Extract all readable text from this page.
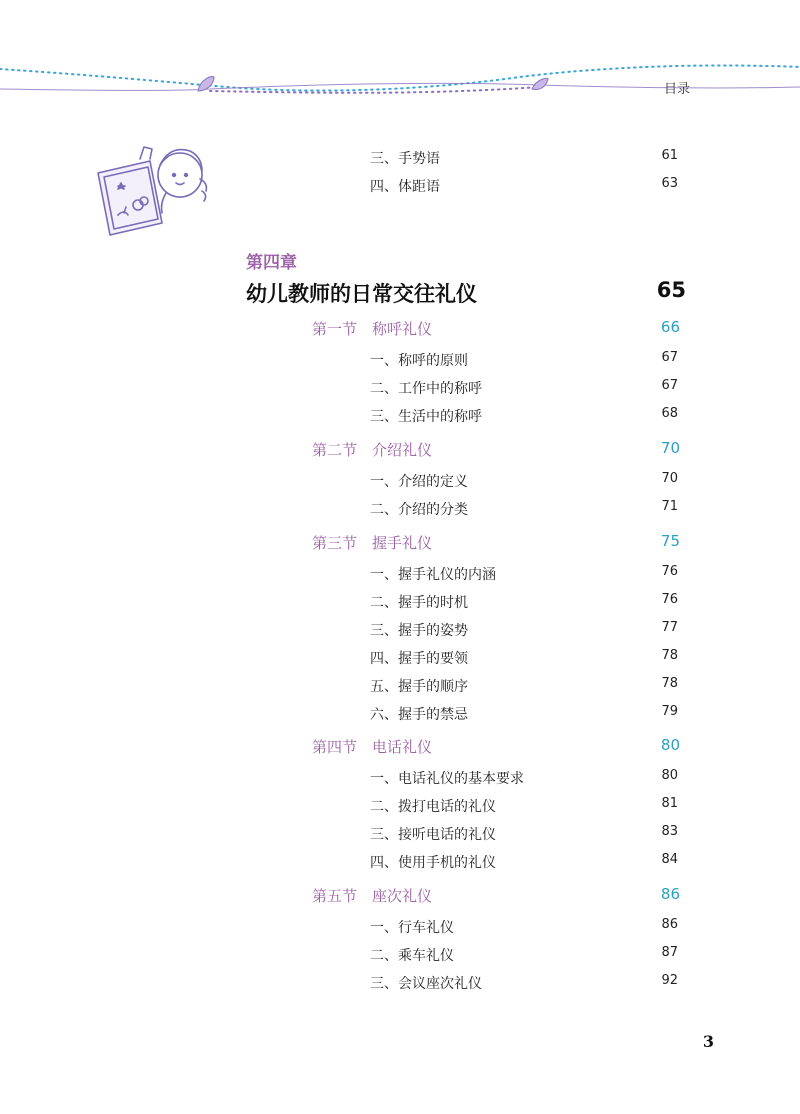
目录
三、手势语	61
四、体距语	63
第四章
幼儿教师的日常交往礼仪	65
第一节 称呼礼仪	66
一、称呼的原则	67
二、工作中的称呼	67
三、生活中的称呼	68
第二节 介绍礼仪	70
一、介绍的定义	70
二、介绍的分类	71
第三节 握手礼仪	75
一、握手礼仪的内涵	76
二、握手的时机	76
三、握手的姿势	77
四、握手的要领	78
五、握手的顺序	78
六、握手的禁忌	79
第四节 电话礼仪	80
一、电话礼仪的基本要求	80
二、拨打电话的礼仪	81
三、接听电话的礼仪	83
四、使用手机的礼仪	84
第五节 座次礼仪	86
一、行车礼仪	86
二、乘车礼仪	87
三、会议座次礼仪	92
3
